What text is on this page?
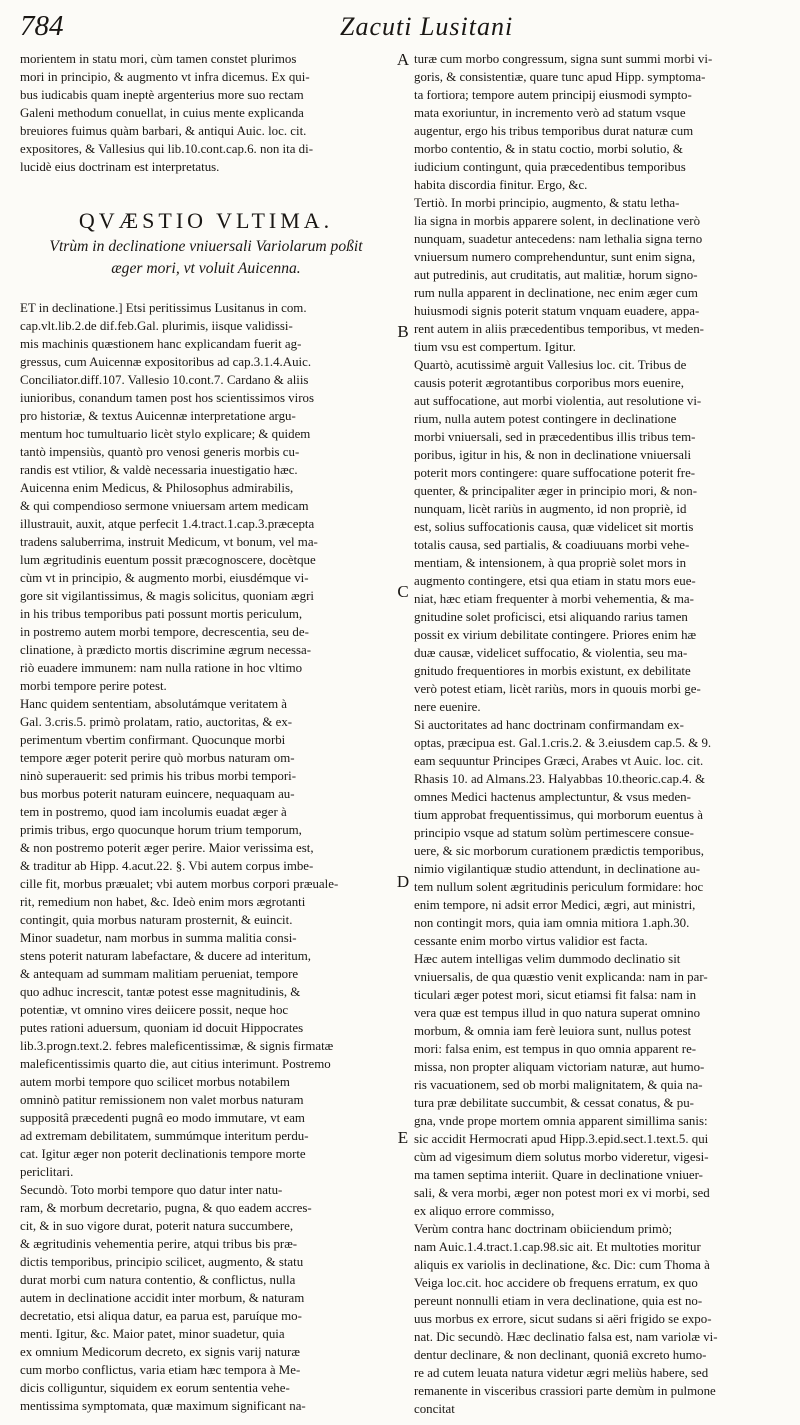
784	Zacuti Lusitani
morientem in statu mori, cùm tamen constet plurimos
mori in principio, & augmento vt infra dicemus. Ex qui-
bus iudicabis quam ineptè argenterius more suo rectam
Galeni methodum conuellat, in cuius mente explicanda
breuiores fuimus quàm barbari, & antiqui Auic. loc. cit.
expositores, & Vallesius qui lib.10.cont.cap.6. non ita di-
lucidè eius doctrinam est interpretatus.
QVÆSTIO VLTIMA.
Vtrùm in declinatione vniuersali Variolarum poßit
æger mori, vt voluit Auicenna.
ET in declinatione.] Etsi peritissimus Lusitanus in com.
cap.vlt.lib.2.de dif.feb.Gal. plurimis, iisque validissi-
mis machinis quæstionem hanc explicandam fuerit ag-
gressus, cum Auicennæ expositoribus ad cap.3.1.4.Auic.
Conciliator.diff.107. Vallesio 10.cont.7. Cardano & aliis
iunioribus, conandum tamen post hos scientissimos viros
pro historiæ, & textus Auicennæ interpretatione argu-
mentum hoc tumultuario licèt stylo explicare; & quidem
tantò impensiùs, quantò pro venosi generis morbis cu-
randis est vtilior, & valdè necessaria inuestigatio hæc.
Auicenna enim Medicus, & Philosophus admirabilis,
& qui compendioso sermone vniuersam artem medicam
illustrauit, auxit, atque perfecit 1.4.tract.1.cap.3.præcepta
tradens saluberrima, instruit Medicum, vt bonum, vel ma-
lum ægritudinis euentum possit præcognoscere, docètque
cùm vt in principio, & augmento morbi, eiusdémque vi-
gore sit vigilantissimus, & magis solicitus, quoniam ægri
in his tribus temporibus pati possunt mortis periculum,
in postremo autem morbi tempore, decrescentia, seu de-
clinatione, à prædicto mortis discrimine ægrum necessa-
riò euadere immunem: nam nulla ratione in hoc vltimo
morbi tempore perire potest.
Hanc quidem sententiam, absolutámque veritatem à
Gal. 3.cris.5. primò prolatam, ratio, auctoritas, & ex-
perimentum vbertim confirmant. Quocunque morbi
tempore æger poterit perire quò morbus naturam om-
ninò superauerit: sed primis his tribus morbi tempori-
bus morbus poterit naturam euincere, nequaquam au-
tem in postremo, quod iam incolumis euadat æger à
primis tribus, ergo quocunque horum trium temporum,
& non postremo poterit æger perire. Maior verissima est,
& traditur ab Hipp. 4.acut.22. §. Vbi autem corpus imbe-
cille fit, morbus præualet; vbi autem morbus corpori præuale-
rit, remedium non habet, &c. Ideò enim mors ægrotanti
contingit, quia morbus naturam prosternit, & euincit.
Minor suadetur, nam morbus in summa malitia consi-
stens poterit naturam labefactare, & ducere ad interitum,
& antequam ad summam malitiam perueniat, tempore
quo adhuc increscit, tantæ potest esse magnitudinis, &
potentiæ, vt omnino vires deiicere possit, neque hoc
putes rationi aduersum, quoniam id docuit Hippocrates
lib.3.progn.text.2. febres maleficentissimæ, & signis firmatæ
maleficentissimis quarto die, aut citius interimunt. Postremo
autem morbi tempore quo scilicet morbus notabilem
omninò patitur remissionem non valet morbus naturam
suppositâ præcedenti pugnâ eo modo immutare, vt eam
ad extremam debilitatem, summúmque interitum perdu-
cat. Igitur æger non poterit declinationis tempore morte
periclitari.
Secundò. Toto morbi tempore quo datur inter natu-
ram, & morbum decretario, pugna, & quo eadem accres-
cit, & in suo vigore durat, poterit natura succumbere,
& ægritudinis vehementia perire, atqui tribus bis præ-
dictis temporibus, principio scilicet, augmento, & statu
durat morbi cum natura contentio, & conflictus, nulla
autem in declinatione accidit inter morbum, & naturam
decretatio, etsi aliqua datur, ea parua est, paruíque mo-
menti. Igitur, &c. Maior patet, minor suadetur, quia
ex omnium Medicorum decreto, ex signis varij naturæ
cum morbo conflictus, varia etiam hæc tempora à Me-
dicis colliguntur, siquidem ex eorum sententia vehe-
mentissima symptomata, quæ maximum significant na-
turæ cum morbo congressum, signa sunt summi morbi vi-
goris, & consistentiæ, quare tunc apud Hipp. symptoma-
ta fortiora; tempore autem principij eiusmodi sympto-
mata exoriuntur, in incremento verò ad statum vsque
augentur, ergo his tribus temporibus durat naturæ cum
morbo contentio, & in statu coctio, morbi solutio, &
iudicium contingunt, quia præcedentibus temporibus
habita discordia finitur. Ergo, &c.
Tertiò. In morbi principio, augmento, & statu letha-
lia signa in morbis apparere solent, in declinatione verò
nunquam, suadetur antecedens: nam lethalia signa terno
vniuersum numero comprehenduntur, sunt enim signa,
aut putredinis, aut cruditatis, aut malitiæ, horum signo-
rum nulla apparent in declinatione, nec enim æger cum
huiusmodi signis poterit statum vnquam euadere, appa-
rent autem in aliis præcedentibus temporibus, vt meden-
tium vsu est compertum. Igitur.
Quartò, acutissimè arguit Vallesius loc. cit. Tribus de
causis poterit ægrotantibus corporibus mors euenire,
aut suffocatione, aut morbi violentia, aut resolutione vi-
rium, nulla autem potest contingere in declinatione
morbi vniuersali, sed in præcedentibus illis tribus tem-
poribus, igitur in his, & non in declinatione vniuersali
poterit mors contingere: quare suffocatione poterit fre-
quenter, & principaliter æger in principio mori, & non-
nunquam, licèt rariùs in augmento, id non propriè, id
est, solius suffocationis causa, quæ videlicet sit mortis
totalis causa, sed partialis, & coadiuuans morbi vehe-
mentiam, & intensionem, à qua propriè solet mors in
augmento contingere, etsi qua etiam in statu mors eue-
niat, hæc etiam frequenter à morbi vehementia, & ma-
gnitudine solet proficisci, etsi aliquando rarius tamen
possit ex virium debilitate contingere. Priores enim hæ
duæ causæ, videlicet suffocatio, & violentia, seu ma-
gnitudo frequentiores in morbis existunt, ex debilitate
verò potest etiam, licèt rariùs, mors in quouis morbi ge-
nere euenire.
Si auctoritates ad hanc doctrinam confirmandam ex-
optas, præcipua est. Gal.1.cris.2. & 3.eiusdem cap.5. & 9.
eam sequuntur Principes Græci, Arabes vt Auic. loc. cit.
Rhasis 10. ad Almans.23. Halyabbas 10.theoric.cap.4. &
omnes Medici hactenus amplectuntur, & vsus meden-
tium approbat frequentissimus, qui morborum euentus à
principio vsque ad statum solùm pertimescere consue-
uere, & sic morborum curationem prædictis temporibus,
nimio vigilantiquæ studio attendunt, in declinatione au-
tem nullum solent ægritudinis periculum formidare: hoc
enim tempore, ni adsit error Medici, ægri, aut ministri,
non contingit mors, quia iam omnia mitiora 1.aph.30.
cessante enim morbo virtus validior est facta.
Hæc autem intelligas velim dummodo declinatio sit
vniuersalis, de qua quæstio venit explicanda: nam in par-
ticulari æger potest mori, sicut etiamsi fit falsa: nam in
vera quæ est tempus illud in quo natura superat omnino
morbum, & omnia iam ferè leuiora sunt, nullus potest
mori: falsa enim, est tempus in quo omnia apparent re-
missa, non propter aliquam victoriam naturæ, aut humo-
ris vacuationem, sed ob morbi malignitatem, & quia na-
tura præ debilitate succumbit, & cessat conatus, & pu-
gna, vnde prope mortem omnia apparent simillima sanis:
sic accidit Hermocrati apud Hipp.3.epid.sect.1.text.5. qui
cùm ad vigesimum diem solutus morbo videretur, vigesi-
ma tamen septima interiit. Quare in declinatione vniuer-
sali, & vera morbi, æger non potest mori ex vi morbi, sed
ex aliquo errore commisso,
Verùm contra hanc doctrinam obiiciendum primò;
nam Auic.1.4.tract.1.cap.98.sic ait. Et multoties moritur
aliquis ex variolis in declinatione, &c. Dic: cum Thoma à
Veiga loc.cit. hoc accidere ob frequens erratum, ex quo
pereunt nonnulli etiam in vera declinatione, quia est no-
uus morbus ex errore, sicut sudans si aëri frigido se expo-
nat. Dic secundò. Hæc declinatio falsa est, nam variolæ vi-
dentur declinare, & non declinant, quoniâ excreto humo-
re ad cutem leuata natura videtur ægri meliùs habere, sed
remanente in visceribus crassiori parte demùm in pulmone
concitat
A
B
C
D
E
